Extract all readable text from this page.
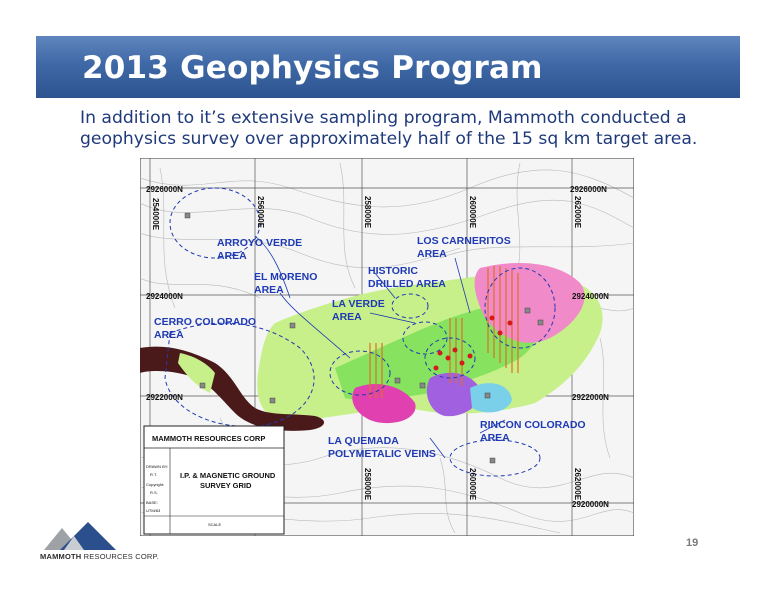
2013 Geophysics Program
In addition to it’s extensive sampling program, Mammoth conducted a geophysics survey over approximately half of the 15 sq km target area.
2926000N	2926000N
2924000N	2924000N
2922000N	2922000N
2920000N
254000E	256000E	258000E	260000E	262000E
258000E	260000E	262000E
ARROYO VERDE
AREA
EL MORENO
AREA
HISTORIC
DRILLED AREA
LOS CARNERITOS
AREA
LA VERDE
AREA
CERRO COLORADO
AREA
LA QUEMADA
POLYMETALIC VEINS
RINCON COLORADO
AREA
MAMMOTH RESOURCES CORP
I.P. & MAGNETIC GROUND
SURVEY GRID
DRAWN BY:
R.T.
Copyright:
R.S.
BASE:
UTM/83
SCALE
19
MAMMOTH RESOURCES CORP.
